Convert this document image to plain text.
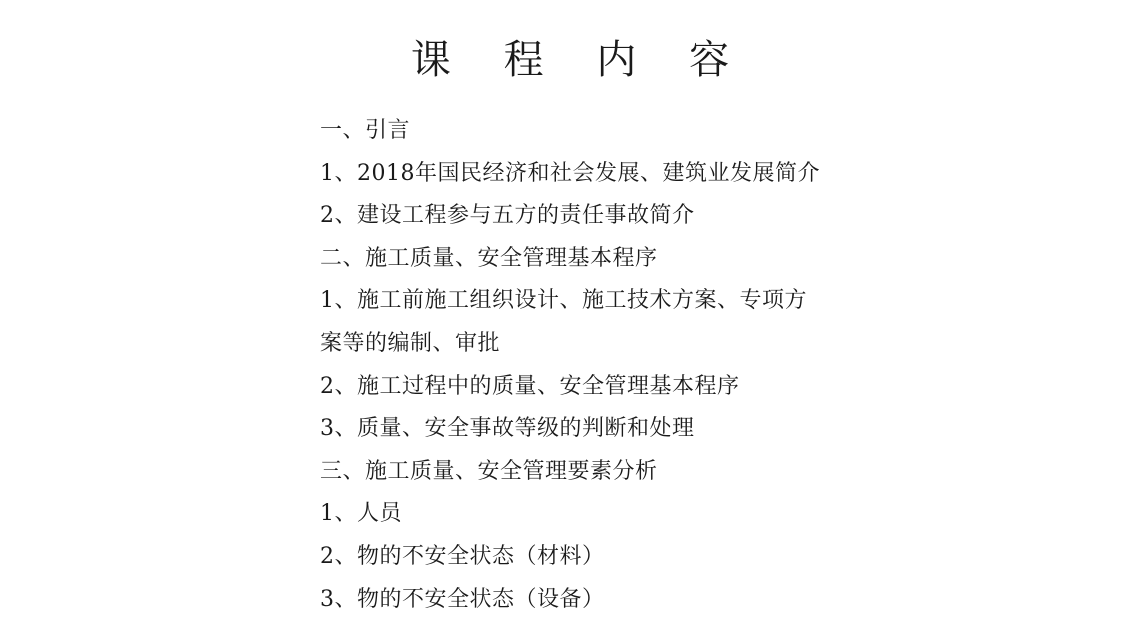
课 程 内 容
一、引言
1、2018年国民经济和社会发展、建筑业发展简介
2、建设工程参与五方的责任事故简介
二、施工质量、安全管理基本程序
1、施工前施工组织设计、施工技术方案、专项方
案等的编制、审批
2、施工过程中的质量、安全管理基本程序
3、质量、安全事故等级的判断和处理
三、施工质量、安全管理要素分析
1、人员
2、物的不安全状态（材料）
3、物的不安全状态（设备）
